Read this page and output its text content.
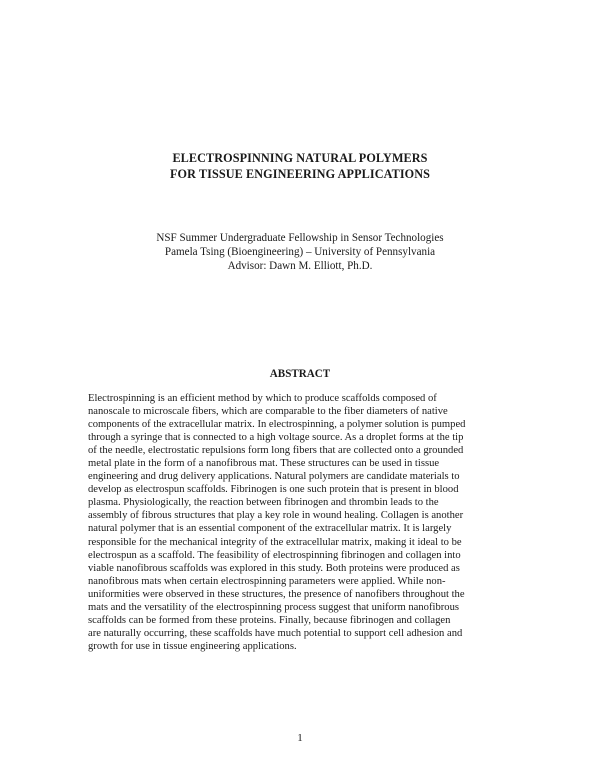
ELECTROSPINNING NATURAL POLYMERS
FOR TISSUE ENGINEERING APPLICATIONS
NSF Summer Undergraduate Fellowship in Sensor Technologies
Pamela Tsing (Bioengineering) – University of Pennsylvania
Advisor: Dawn M. Elliott, Ph.D.
ABSTRACT
Electrospinning is an efficient method by which to produce scaffolds composed of
nanoscale to microscale fibers, which are comparable to the fiber diameters of native
components of the extracellular matrix. In electrospinning, a polymer solution is pumped
through a syringe that is connected to a high voltage source. As a droplet forms at the tip
of the needle, electrostatic repulsions form long fibers that are collected onto a grounded
metal plate in the form of a nanofibrous mat. These structures can be used in tissue
engineering and drug delivery applications. Natural polymers are candidate materials to
develop as electrospun scaffolds. Fibrinogen is one such protein that is present in blood
plasma. Physiologically, the reaction between fibrinogen and thrombin leads to the
assembly of fibrous structures that play a key role in wound healing. Collagen is another
natural polymer that is an essential component of the extracellular matrix. It is largely
responsible for the mechanical integrity of the extracellular matrix, making it ideal to be
electrospun as a scaffold. The feasibility of electrospinning fibrinogen and collagen into
viable nanofibrous scaffolds was explored in this study. Both proteins were produced as
nanofibrous mats when certain electrospinning parameters were applied. While non-
uniformities were observed in these structures, the presence of nanofibers throughout the
mats and the versatility of the electrospinning process suggest that uniform nanofibrous
scaffolds can be formed from these proteins. Finally, because fibrinogen and collagen
are naturally occurring, these scaffolds have much potential to support cell adhesion and
growth for use in tissue engineering applications.
1
